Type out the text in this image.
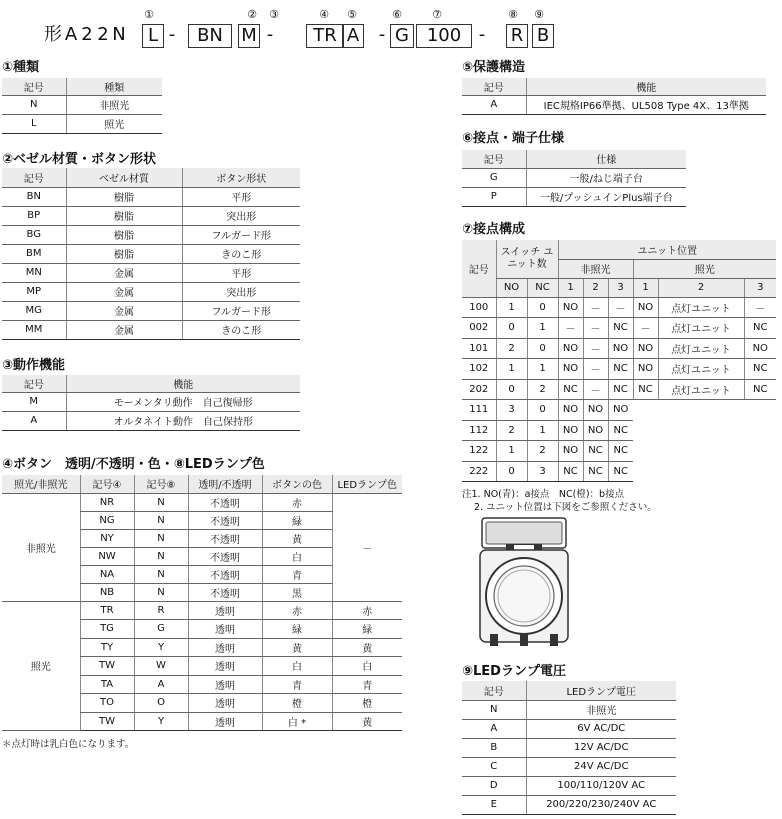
形 A 2 2 N	L -	BN	M -	TR A - G 100 - R B
①	② ③	④ ⑤	⑥	⑦	⑧ ⑨
①種類
記号	種類
N	非照光
L	照光
②ベゼル材質・ボタン形状
記号	ベゼル材質	ボタン形状
BN	樹脂	平形
BP	樹脂	突出形
BG	樹脂	フルガード形
BM	樹脂	きのこ形
MN	金属	平形
MP	金属	突出形
MG	金属	フルガード形
MM	金属	きのこ形
③動作機能
記号	機能
M	モーメンタリ動作　自己復帰形
A	オルタネイト動作　自己保持形
④ボタン　透明/不透明・色・⑧LEDランプ色
照光/非照光	記号④	記号⑧	透明/不透明	ボタンの色	LEDランプ色
非照光	NR	N	不透明	赤	－
	NG	N	不透明	緑	
	NY	N	不透明	黄	
	NW	N	不透明	白	
	NA	N	不透明	青	
	NB	N	不透明	黒	
照光	TR	R	透明	赤	赤
	TG	G	透明	緑	緑
	TY	Y	透明	黄	黄
	TW	W	透明	白	白
	TA	A	透明	青	青
	TO	O	透明	橙	橙
	TW	Y	透明	白 *	黄
＊点灯時は乳白色になります。
⑤保護構造
記号	機能
A	IEC規格IP66準拠、UL508 Type 4X、13準拠
⑥接点・端子仕様
記号	仕様
G	一般/ねじ端子台
P	一般/プッシュインPlus端子台
⑦接点構成
記号	スイッチ ユニット数		ユニット位置					
			非照光			照光		
	NO	NC	1	2	3	1	2	3
100	1	0	NO	－	－	NO	点灯ユニット	－
002	0	1	－	－	NC	－	点灯ユニット	NC
101	2	0	NO	－	NO	NO	点灯ユニット	NO
102	1	1	NO	－	NC	NO	点灯ユニット	NC
202	0	2	NC	－	NC	NC	点灯ユニット	NC
111	3	0	NO	NO	NO			
112	2	1	NO	NO	NC			
122	1	2	NO	NC	NC			
222	0	3	NC	NC	NC			
注1. NO(青)：a接点　NC(橙)：b接点
2. ユニット位置は下図をご参照ください。
⑨LEDランプ電圧
記号	LEDランプ電圧
N	非照光
A	6V AC/DC
B	12V AC/DC
C	24V AC/DC
D	100/110/120V AC
E	200/220/230/240V AC
